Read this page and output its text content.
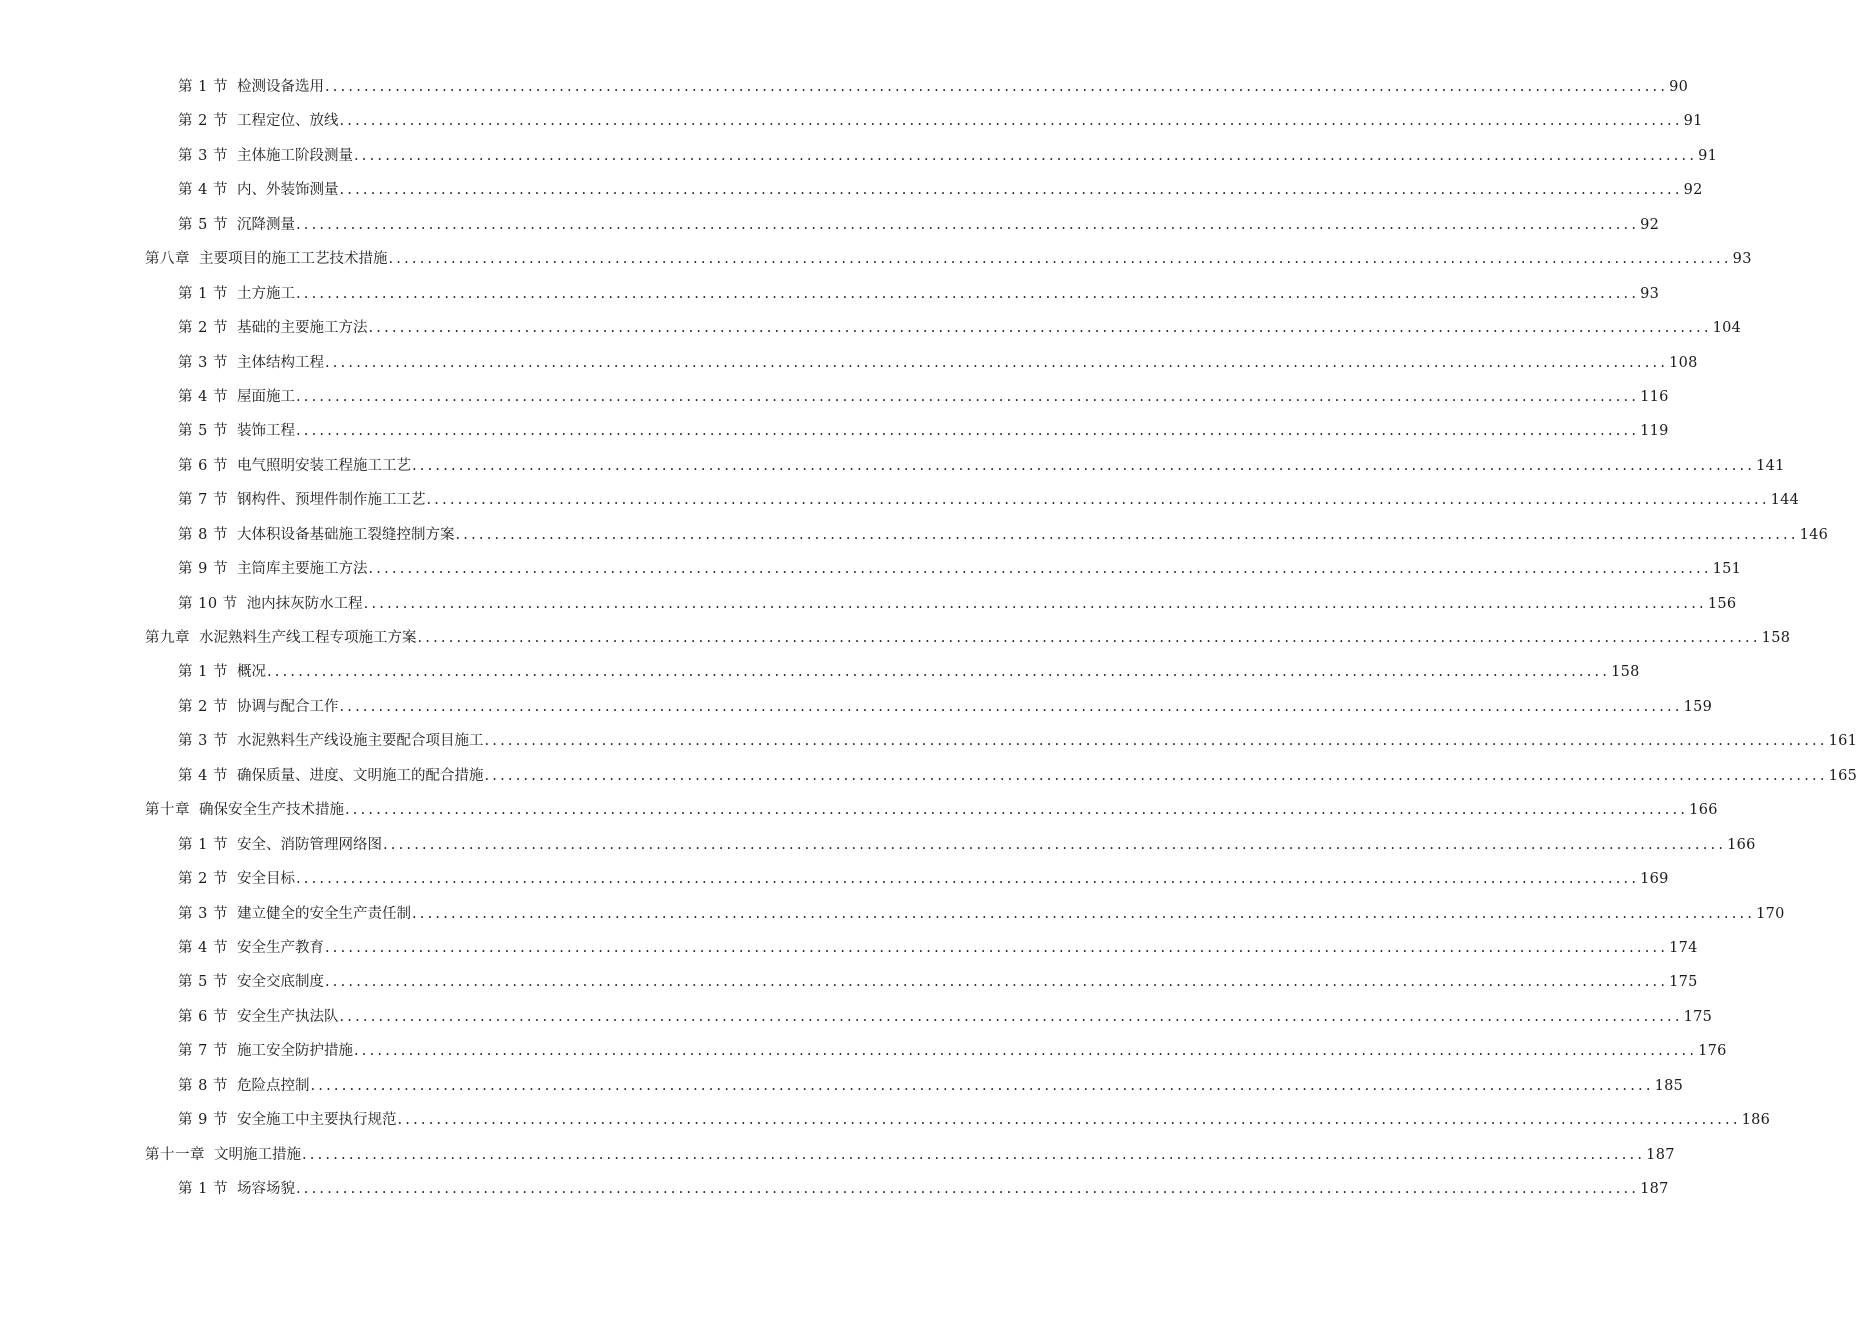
第 1 节 检测设备选用 ............................................................................................................................................................................ 90
第 2 节 工程定位、放线 ............................................................................................................................................................................ 91
第 3 节 主体施工阶段测量 ............................................................................................................................................................................ 91
第 4 节 内、外装饰测量 ............................................................................................................................................................................ 92
第 5 节 沉降测量 ............................................................................................................................................................................ 92
第八章 主要项目的施工工艺技术措施 ............................................................................................................................................................................ 93
第 1 节 土方施工 ............................................................................................................................................................................ 93
第 2 节 基础的主要施工方法 ............................................................................................................................................................................ 104
第 3 节 主体结构工程 ............................................................................................................................................................................ 108
第 4 节 屋面施工 ............................................................................................................................................................................ 116
第 5 节 装饰工程 ............................................................................................................................................................................ 119
第 6 节 电气照明安装工程施工工艺 ............................................................................................................................................................................ 141
第 7 节 钢构件、预埋件制作施工工艺 ............................................................................................................................................................................ 144
第 8 节 大体积设备基础施工裂缝控制方案 ............................................................................................................................................................................ 146
第 9 节 主筒库主要施工方法 ............................................................................................................................................................................ 151
第 10 节 池内抹灰防水工程 ............................................................................................................................................................................ 156
第九章 水泥熟料生产线工程专项施工方案 ............................................................................................................................................................................ 158
第 1 节 概况 ............................................................................................................................................................................ 158
第 2 节 协调与配合工作 ............................................................................................................................................................................ 159
第 3 节 水泥熟料生产线设施主要配合项目施工 ............................................................................................................................................................................ 161
第 4 节 确保质量、进度、文明施工的配合措施 ............................................................................................................................................................................ 165
第十章 确保安全生产技术措施 ............................................................................................................................................................................ 166
第 1 节 安全、消防管理网络图 ............................................................................................................................................................................ 166
第 2 节 安全目标 ............................................................................................................................................................................ 169
第 3 节 建立健全的安全生产责任制 ............................................................................................................................................................................ 170
第 4 节 安全生产教育 ............................................................................................................................................................................ 174
第 5 节 安全交底制度 ............................................................................................................................................................................ 175
第 6 节 安全生产执法队 ............................................................................................................................................................................ 175
第 7 节 施工安全防护措施 ............................................................................................................................................................................ 176
第 8 节 危险点控制 ............................................................................................................................................................................ 185
第 9 节 安全施工中主要执行规范 ............................................................................................................................................................................ 186
第十一章 文明施工措施 ............................................................................................................................................................................ 187
第 1 节 场容场貌 ............................................................................................................................................................................ 187
